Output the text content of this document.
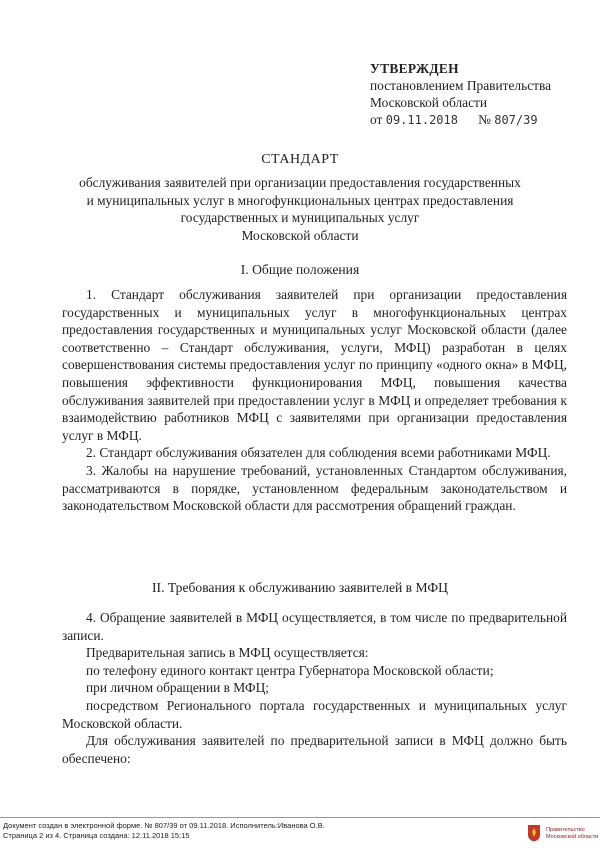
УТВЕРЖДЕН
постановлением Правительства
Московской области
от 09.11.2018 № 807/39
СТАНДАРТ
обслуживания заявителей при организации предоставления государственных
и муниципальных услуг в многофункциональных центрах предоставления
государственных и муниципальных услуг
Московской области
I. Общие положения

1. Стандарт обслуживания заявителей при организации предоставления государственных и муниципальных услуг в многофункциональных центрах предоставления государственных и муниципальных услуг Московской области (далее соответственно – Стандарт обслуживания, услуги, МФЦ) разработан в целях совершенствования системы предоставления услуг по принципу «одного окна» в МФЦ, повышения эффективности функционирования МФЦ, повышения качества обслуживания заявителей при предоставлении услуг в МФЦ и определяет требования к взаимодействию работников МФЦ с заявителями при организации предоставления услуг в МФЦ.

2. Стандарт обслуживания обязателен для соблюдения всеми работниками МФЦ.

3. Жалобы на нарушение требований, установленных Стандартом обслуживания, рассматриваются в порядке, установленном федеральным законодательством и законодательством Московской области для рассмотрения обращений граждан.

II. Требования к обслуживанию заявителей в МФЦ

4. Обращение заявителей в МФЦ осуществляется, в том числе по предварительной записи.

Предварительная запись в МФЦ осуществляется:

по телефону единого контакт центра Губернатора Московской области;

при личном обращении в МФЦ;

посредством Регионального портала государственных и муниципальных услуг Московской области.

Для обслуживания заявителей по предварительной записи в МФЦ должно быть обеспечено:

Документ создан в электронной форме. № 807/39 от 09.11.2018. Исполнитель:Иванова О.В.
Страница 2 из 4. Страница создана: 12.11.2018 15:15
Правительство
Московской области
